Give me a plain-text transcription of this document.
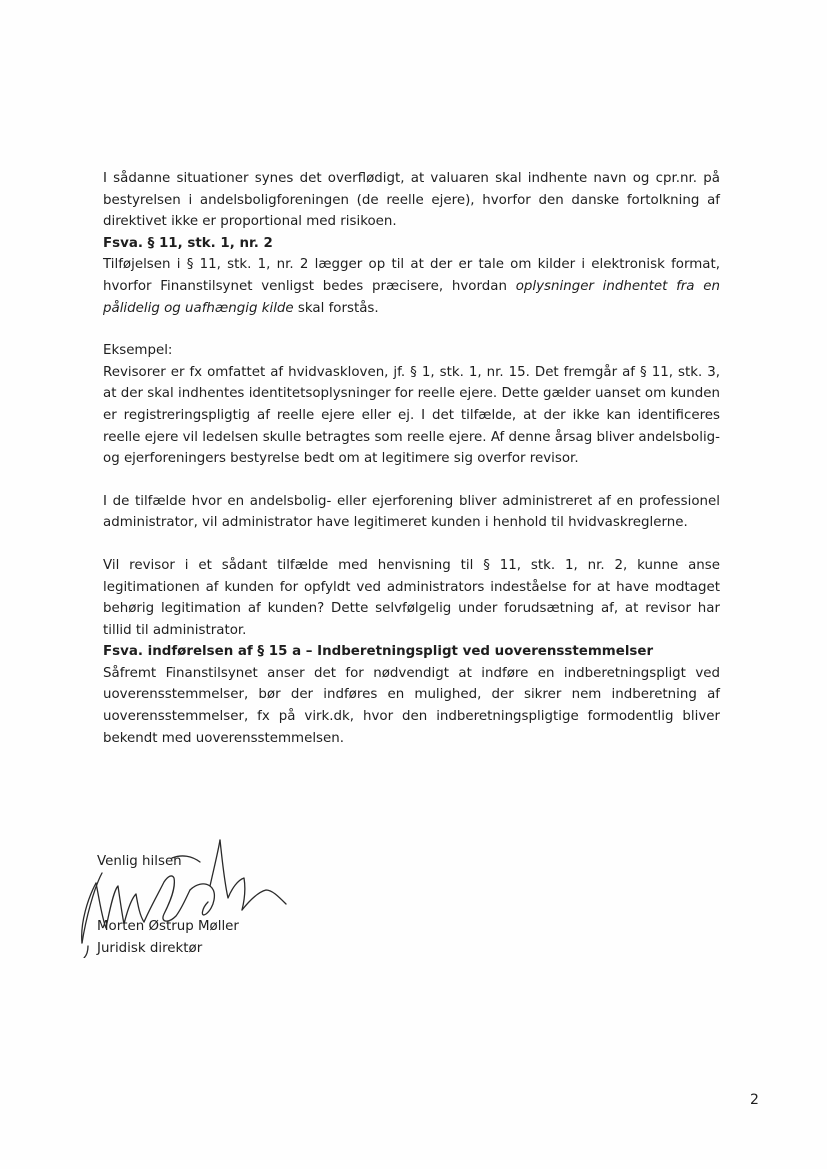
I sådanne situationer synes det overflødigt, at valuaren skal indhente navn og cpr.nr. på bestyrelsen i andelsboligforeningen (de reelle ejere), hvorfor den danske fortolkning af direktivet ikke er proportional med risikoen.

Fsva. § 11, stk. 1, nr. 2

Tilføjelsen i § 11, stk. 1, nr. 2 lægger op til at der er tale om kilder i elektronisk format, hvorfor Finanstilsynet venligst bedes præcisere, hvordan oplysninger indhentet fra en pålidelig og uafhængig kilde skal forstås.

Eksempel:

Revisorer er fx omfattet af hvidvaskloven, jf. § 1, stk. 1, nr. 15. Det fremgår af § 11, stk. 3, at der skal indhentes identitetsoplysninger for reelle ejere. Dette gælder uanset om kunden er registreringspligtig af reelle ejere eller ej. I det tilfælde, at der ikke kan identificeres reelle ejere vil ledelsen skulle betragtes som reelle ejere. Af denne årsag bliver andelsbolig- og ejerforeningers bestyrelse bedt om at legitimere sig overfor revisor.

I de tilfælde hvor en andelsbolig- eller ejerforening bliver administreret af en professionel administrator, vil administrator have legitimeret kunden i henhold til hvidvaskreglerne.

Vil revisor i et sådant tilfælde med henvisning til § 11, stk. 1, nr. 2, kunne anse legitimationen af kunden for opfyldt ved administrators indeståelse for at have modtaget behørig legitimation af kunden? Dette selvfølgelig under forudsætning af, at revisor har tillid til administrator.

Fsva. indførelsen af § 15 a – Indberetningspligt ved uoverensstemmelser

Såfremt Finanstilsynet anser det for nødvendigt at indføre en indberetningspligt ved uoverensstemmelser, bør der indføres en mulighed, der sikrer nem indberetning af uoverensstemmelser, fx på virk.dk, hvor den indberetningspligtige formodentlig bliver bekendt med uoverensstemmelsen.

Venlig hilsen
Morten Østrup Møller
Juridisk direktør
2
